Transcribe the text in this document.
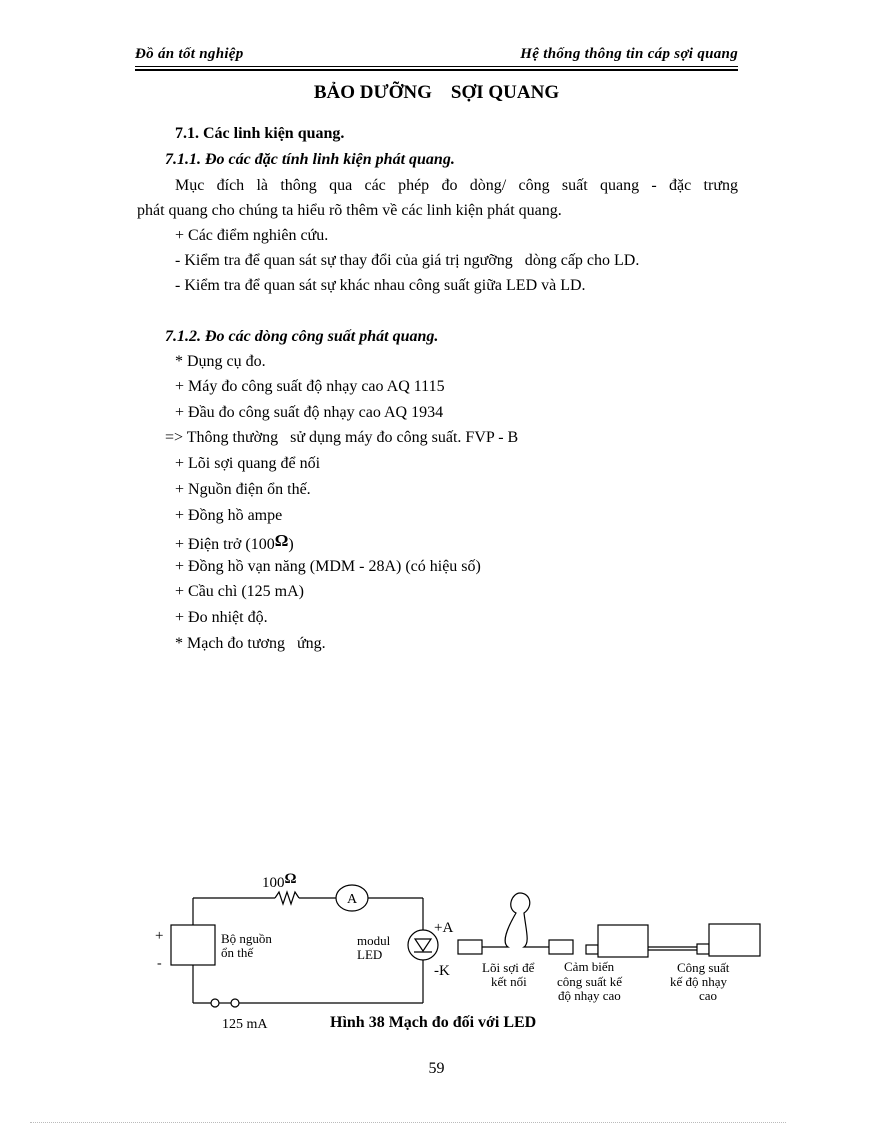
Đồ án tốt nghiệp	Hệ thống thông tin cáp sợi quang
BẢO DƯỠNG    SỢI QUANG
7.1. Các linh kiện quang.
7.1.1. Đo các đặc tính linh kiện phát quang.
Mục đích là thông qua các phép đo dòng/ công suất quang - đặc trưng
phát quang cho chúng ta hiểu rõ thêm về các linh kiện phát quang.
+ Các điểm nghiên cứu.
- Kiểm tra để quan sát sự thay đổi của giá trị ngưỡng   dòng cấp cho LD.
- Kiểm tra để quan sát sự khác nhau công suất giữa LED và LD.
7.1.2. Đo các dòng công suất phát quang.
* Dụng cụ đo.
+ Máy đo công suất độ nhạy cao AQ 1115
+ Đầu đo công suất độ nhạy cao AQ 1934
=> Thông thường   sử dụng máy đo công suất. FVP - B
+ Lõi sợi quang để nối
+ Nguồn điện ổn thế.
+ Đồng hồ ampe
+ Điện trở (100Ω)
+ Đồng hồ vạn năng (MDM - 28A) (có hiệu số)
+ Cầu chì (125 mA)
+ Đo nhiệt độ.
* Mạch đo tương   ứng.
100Ω
A
+
-
Bộ nguồn
ổn thế
modul
LED
+A
-K
125 mA
Lõi sợi để
kết nối
Cảm biến
công suất kế
độ nhạy cao
Công suất
kế độ nhạy
cao
Hình 38 Mạch đo đối với LED
59
